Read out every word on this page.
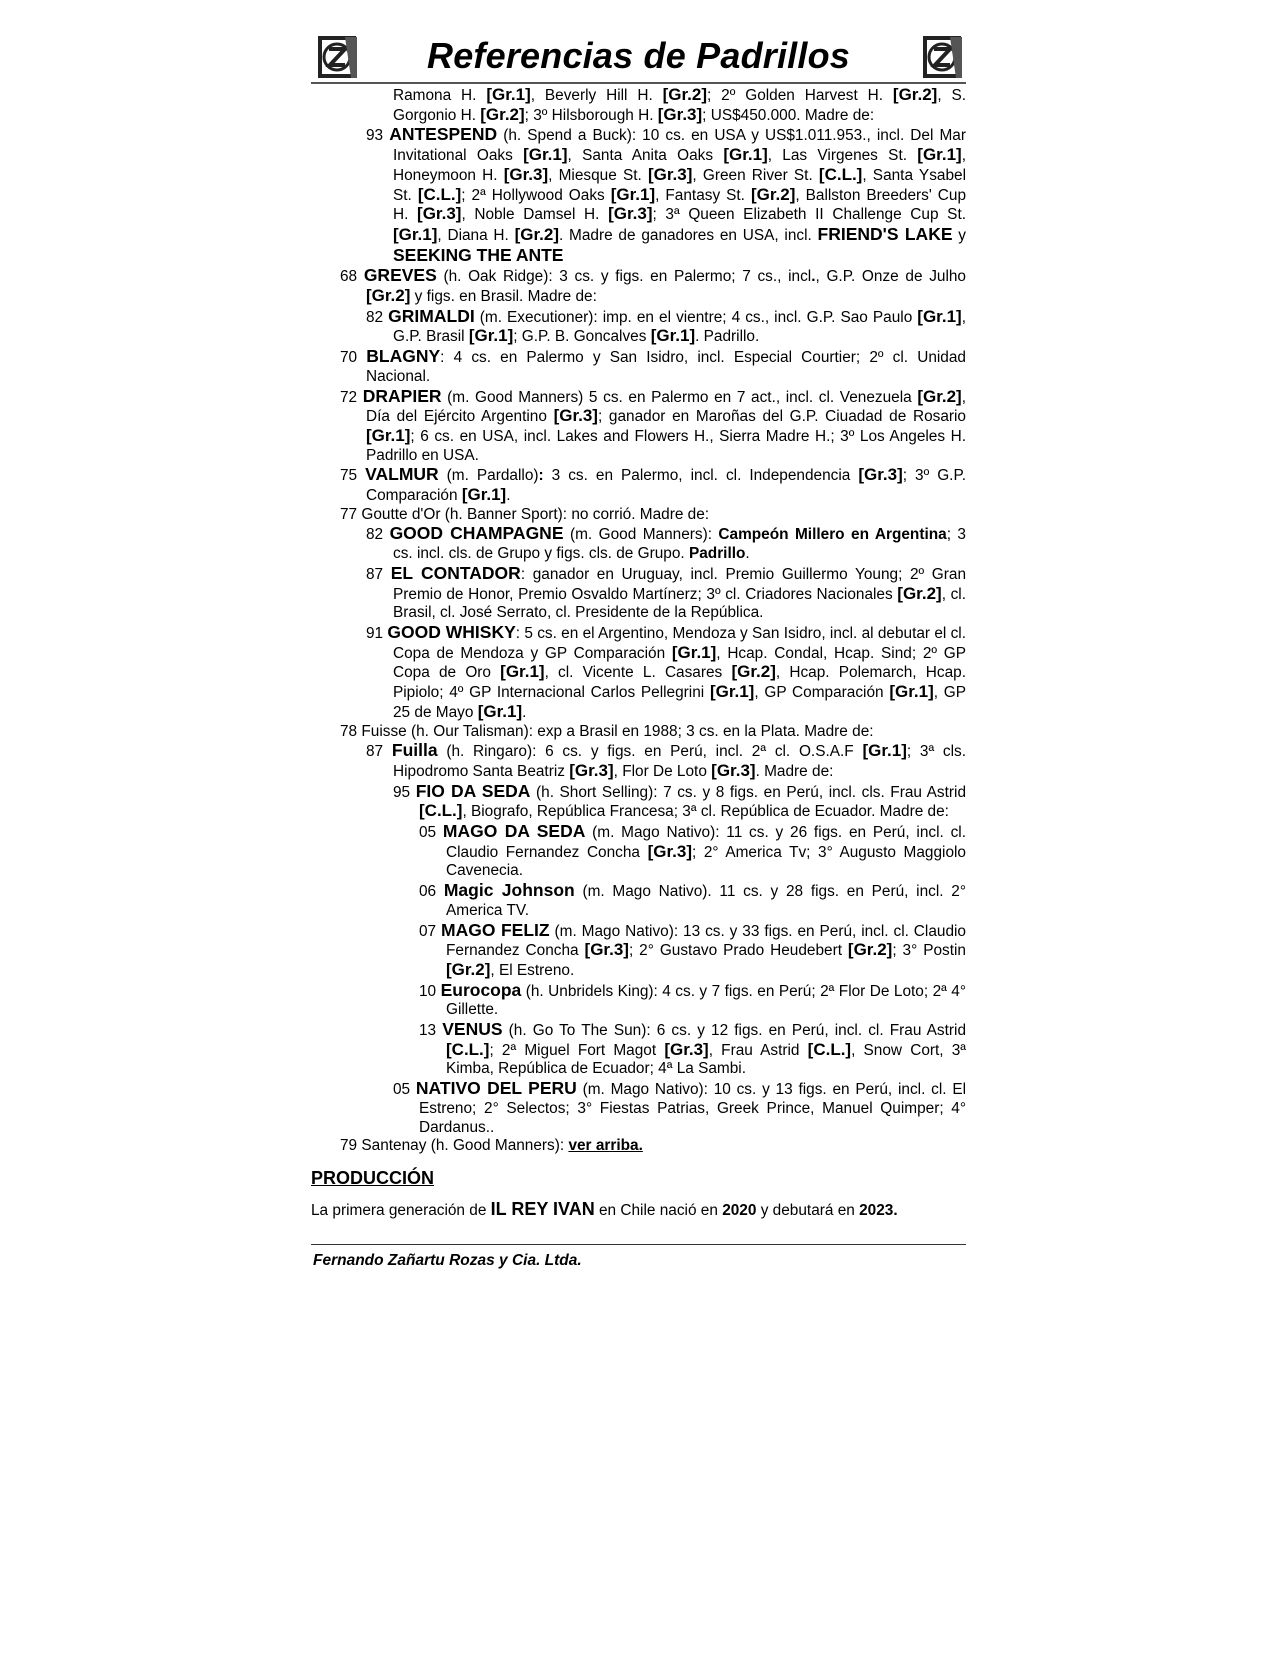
Referencias de Padrillos

Ramona H. [Gr.1], Beverly Hill H. [Gr.2]; 2º Golden Harvest H. [Gr.2], S. Gorgonio H. [Gr.2]; 3º Hilsborough H. [Gr.3]; US$450.000. Madre de:

93 ANTESPEND (h. Spend a Buck): 10 cs. en USA y US$1.011.953., incl. Del Mar Invitational Oaks [Gr.1], Santa Anita Oaks [Gr.1], Las Virgenes St. [Gr.1], Honeymoon H. [Gr.3], Miesque St. [Gr.3], Green River St. [C.L.], Santa Ysabel St. [C.L.]; 2ª Hollywood Oaks [Gr.1], Fantasy St. [Gr.2], Ballston Breeders' Cup H. [Gr.3], Noble Damsel H. [Gr.3]; 3ª Queen Elizabeth II Challenge Cup St. [Gr.1], Diana H. [Gr.2]. Madre de ganadores en USA, incl. FRIEND'S LAKE y SEEKING THE ANTE

68 GREVES (h. Oak Ridge): 3 cs. y figs. en Palermo; 7 cs., incl., G.P. Onze de Julho [Gr.2] y figs. en Brasil. Madre de:

82 GRIMALDI (m. Executioner): imp. en el vientre; 4 cs., incl. G.P. Sao Paulo [Gr.1], G.P. Brasil [Gr.1]; G.P. B. Goncalves [Gr.1]. Padrillo.

70 BLAGNY: 4 cs. en Palermo y San Isidro, incl. Especial Courtier; 2º cl. Unidad Nacional.

72 DRAPIER (m. Good Manners) 5 cs. en Palermo en 7 act., incl. cl. Venezuela [Gr.2], Día del Ejército Argentino [Gr.3]; ganador en Maroñas del G.P. Ciuadad de Rosario [Gr.1]; 6 cs. en USA, incl. Lakes and Flowers H., Sierra Madre H.; 3º Los Angeles H. Padrillo en USA.

75 VALMUR (m. Pardallo): 3 cs. en Palermo, incl. cl. Independencia [Gr.3]; 3º G.P. Comparación [Gr.1].

77 Goutte d'Or (h. Banner Sport): no corrió. Madre de:

82 GOOD CHAMPAGNE (m. Good Manners): Campeón Millero en Argentina; 3 cs. incl. cls. de Grupo y figs. cls. de Grupo. Padrillo.

87 EL CONTADOR: ganador en Uruguay, incl. Premio Guillermo Young; 2º Gran Premio de Honor, Premio Osvaldo Martínerz; 3º cl. Criadores Nacionales [Gr.2], cl. Brasil, cl. José Serrato, cl. Presidente de la República.

91 GOOD WHISKY: 5 cs. en el Argentino, Mendoza y San Isidro, incl. al debutar el cl. Copa de Mendoza y GP Comparación [Gr.1], Hcap. Condal, Hcap. Sind; 2º GP Copa de Oro [Gr.1], cl. Vicente L. Casares [Gr.2], Hcap. Polemarch, Hcap. Pipiolo; 4º GP Internacional Carlos Pellegrini [Gr.1], GP Comparación [Gr.1], GP 25 de Mayo [Gr.1].

78 Fuisse (h. Our Talisman): exp a Brasil en 1988; 3 cs. en la Plata. Madre de:

87 Fuilla (h. Ringaro): 6 cs. y figs. en Perú, incl. 2ª cl. O.S.A.F [Gr.1]; 3ª cls. Hipodromo Santa Beatriz [Gr.3], Flor De Loto [Gr.3]. Madre de:

95 FIO DA SEDA (h. Short Selling): 7 cs. y 8 figs. en Perú, incl. cls. Frau Astrid [C.L.], Biografo, República Francesa; 3ª cl. República de Ecuador. Madre de:

05 MAGO DA SEDA (m. Mago Nativo): 11 cs. y 26 figs. en Perú, incl. cl. Claudio Fernandez Concha [Gr.3]; 2° America Tv; 3° Augusto Maggiolo Cavenecia.

06 Magic Johnson (m. Mago Nativo). 11 cs. y 28 figs. en Perú, incl. 2° America TV.

07 MAGO FELIZ (m. Mago Nativo): 13 cs. y 33 figs. en Perú, incl. cl. Claudio Fernandez Concha [Gr.3]; 2° Gustavo Prado Heudebert [Gr.2]; 3° Postin [Gr.2], El Estreno.

10 Eurocopa (h. Unbridels King): 4 cs. y 7 figs. en Perú; 2ª Flor De Loto; 2ª 4° Gillette.

13 VENUS (h. Go To The Sun): 6 cs. y 12 figs. en Perú, incl. cl. Frau Astrid [C.L.]; 2ª Miguel Fort Magot [Gr.3], Frau Astrid [C.L.], Snow Cort, 3ª Kimba, República de Ecuador; 4ª La Sambi.

05 NATIVO DEL PERU (m. Mago Nativo): 10 cs. y 13 figs. en Perú, incl. cl. El Estreno; 2° Selectos; 3° Fiestas Patrias, Greek Prince, Manuel Quimper; 4° Dardanus..

79 Santenay (h. Good Manners): ver arriba.

PRODUCCIÓN

La primera generación de IL REY IVAN en Chile nació en 2020 y debutará en 2023.

Fernando Zañartu Rozas y Cia. Ltda.
